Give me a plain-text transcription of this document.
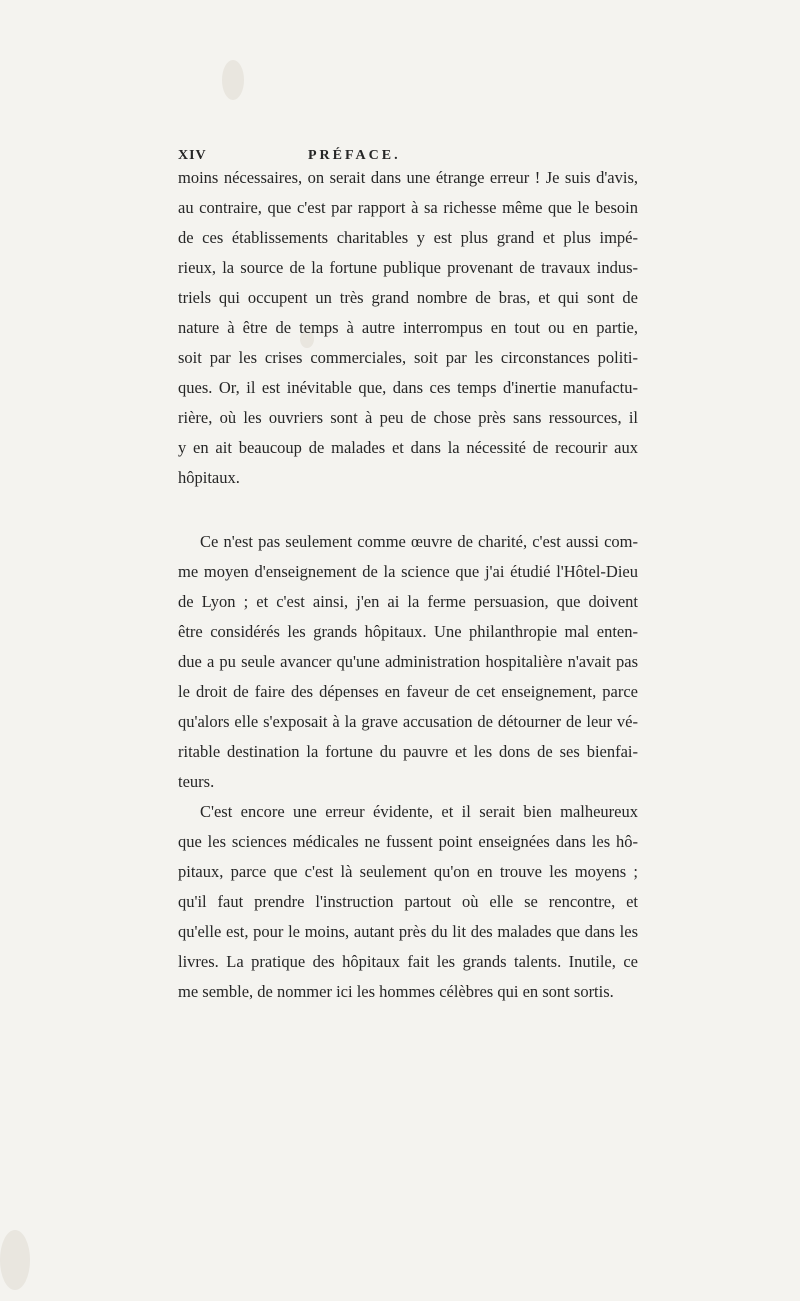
XIV	PRÉFACE.
moins nécessaires, on serait dans une étrange erreur ! Je suis d'avis,
au contraire, que c'est par rapport à sa richesse même que le besoin
de ces établissements charitables y est plus grand et plus impé-
rieux, la source de la fortune publique provenant de travaux indus-
triels qui occupent un très grand nombre de bras, et qui sont de
nature à être de temps à autre interrompus en tout ou en partie,
soit par les crises commerciales, soit par les circonstances politi-
ques. Or, il est inévitable que, dans ces temps d'inertie manufactu-
rière, où les ouvriers sont à peu de chose près sans ressources, il
y en ait beaucoup de malades et dans la nécessité de recourir aux
hôpitaux.
Ce n'est pas seulement comme œuvre de charité, c'est aussi com-
me moyen d'enseignement de la science que j'ai étudié l'Hôtel-Dieu
de Lyon ; et c'est ainsi, j'en ai la ferme persuasion, que doivent
être considérés les grands hôpitaux. Une philanthropie mal enten-
due a pu seule avancer qu'une administration hospitalière n'avait pas
le droit de faire des dépenses en faveur de cet enseignement, parce
qu'alors elle s'exposait à la grave accusation de détourner de leur vé-
ritable destination la fortune du pauvre et les dons de ses bienfai-
teurs.
C'est encore une erreur évidente, et il serait bien malheureux
que les sciences médicales ne fussent point enseignées dans les hô-
pitaux, parce que c'est là seulement qu'on en trouve les moyens ;
qu'il faut prendre l'instruction partout où elle se rencontre, et
qu'elle est, pour le moins, autant près du lit des malades que dans les
livres. La pratique des hôpitaux fait les grands talents. Inutile, ce
me semble, de nommer ici les hommes célèbres qui en sont sortis.
